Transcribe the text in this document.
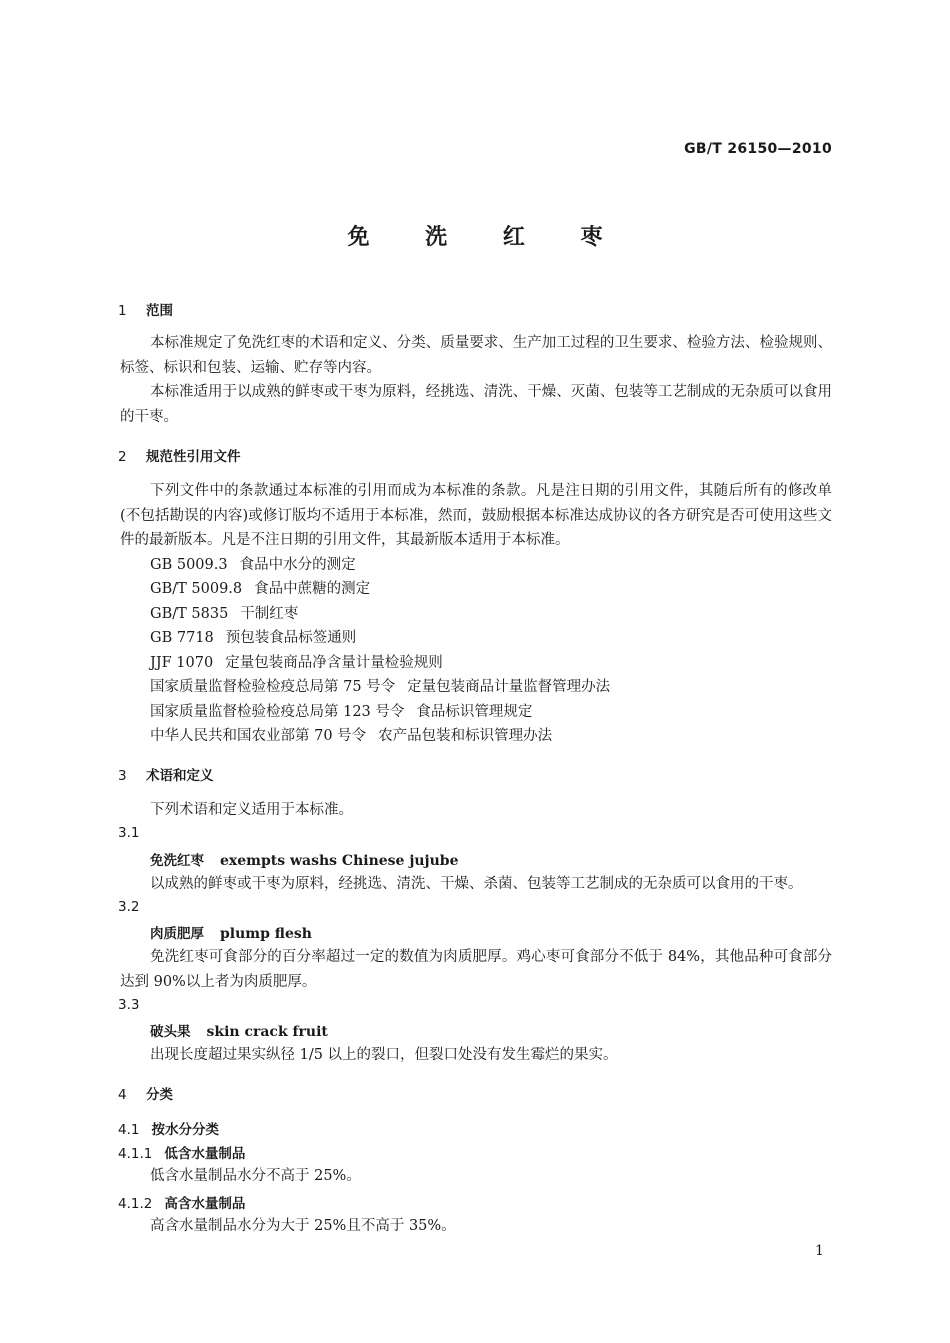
GB/T 26150—2010
免 洗 红 枣
1 范围

本标准规定了免洗红枣的术语和定义、分类、质量要求、生产加工过程的卫生要求、检验方法、检验规则、标签、标识和包装、运输、贮存等内容。

本标准适用于以成熟的鲜枣或干枣为原料，经挑选、清洗、干燥、灭菌、包装等工艺制成的无杂质可以食用的干枣。

2 规范性引用文件

下列文件中的条款通过本标准的引用而成为本标准的条款。凡是注日期的引用文件，其随后所有的修改单(不包括勘误的内容)或修订版均不适用于本标准，然而，鼓励根据本标准达成协议的各方研究是否可使用这些文件的最新版本。凡是不注日期的引用文件，其最新版本适用于本标准。

GB 5009.3 食品中水分的测定
GB/T 5009.8 食品中蔗糖的测定
GB/T 5835 干制红枣
GB 7718 预包装食品标签通则
JJF 1070 定量包装商品净含量计量检验规则
国家质量监督检验检疫总局第 75 号令 定量包装商品计量监督管理办法
国家质量监督检验检疫总局第 123 号令 食品标识管理规定
中华人民共和国农业部第 70 号令 农产品包装和标识管理办法
3 术语和定义
下列术语和定义适用于本标准。
3.1
免洗红枣 exempts washs Chinese jujube

以成熟的鲜枣或干枣为原料，经挑选、清洗、干燥、杀菌、包装等工艺制成的无杂质可以食用的干枣。

3.2
肉质肥厚 plump flesh

免洗红枣可食部分的百分率超过一定的数值为肉质肥厚。鸡心枣可食部分不低于 84%，其他品种可食部分达到 90%以上者为肉质肥厚。

3.3
破头果 skin crack fruit

出现长度超过果实纵径 1/5 以上的裂口，但裂口处没有发生霉烂的果实。

4 分类
4.1 按水分分类
4.1.1 低含水量制品
低含水量制品水分不高于 25%。
4.1.2 高含水量制品
高含水量制品水分为大于 25%且不高于 35%。
1
